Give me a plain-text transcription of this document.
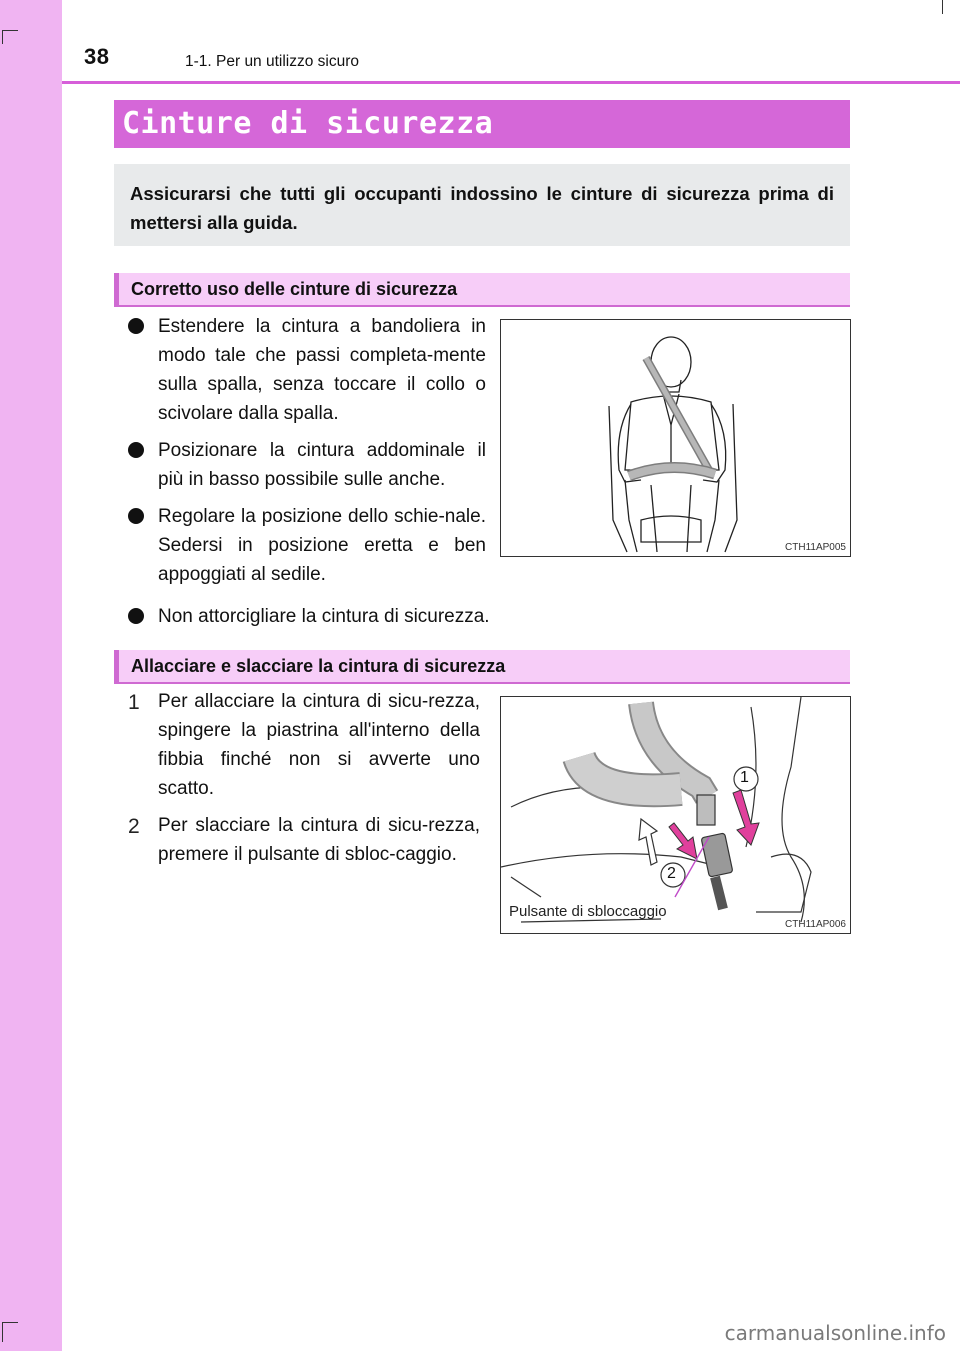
38	1-1. Per un utilizzo sicuro
Cinture di sicurezza

Assicurarsi che tutti gli occupanti indossino le cinture di sicurezza prima di mettersi alla guida.

Corretto uso delle cinture di sicurezza
Estendere la cintura a bandoliera in modo tale che passi completa-mente sulla spalla, senza toccare il collo o scivolare dalla spalla.
Posizionare la cintura addominale il più in basso possibile sulle anche.
Regolare la posizione dello schie-nale. Sedersi in posizione eretta e ben appoggiati al sedile.
Non attorcigliare la cintura di sicurezza.
CTH11AP005
Allacciare e slacciare la cintura di sicurezza
1 Per allacciare la cintura di sicu-rezza, spingere la piastrina all'interno della fibbia finché non si avverte uno scatto.
2 Per slacciare la cintura di sicu-rezza, premere il pulsante di sbloc-caggio.
1
2
Pulsante di sbloccaggio
CTH11AP006
carmanualsonline.info
